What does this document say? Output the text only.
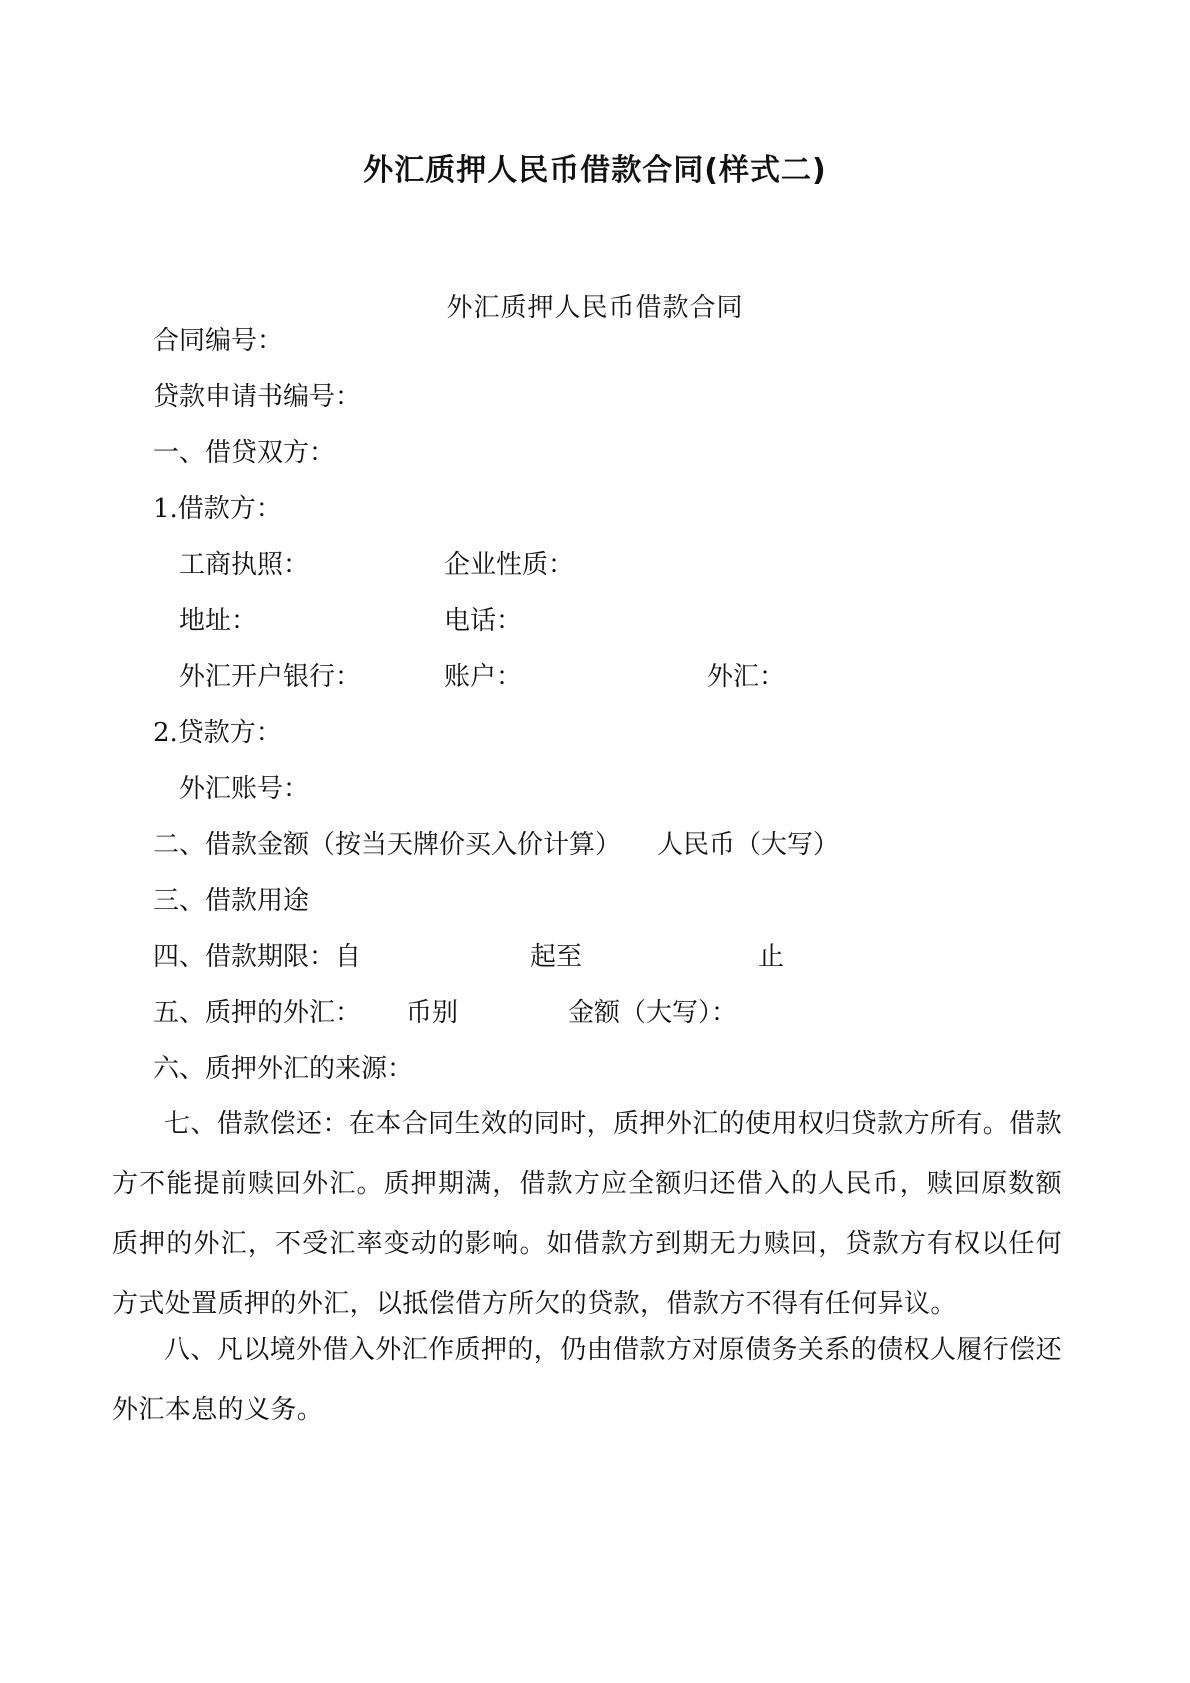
外汇质押人民币借款合同(样式二)
外汇质押人民币借款合同
合同编号：
贷款申请书编号：
一、借贷双方：
1.借款方：
工商执照：	企业性质：
地址：	电话：
外汇开户银行：	账户：	外汇：
2.贷款方：
外汇账号：
二、借款金额（按当天牌价买入价计算） 人民币（大写）
三、借款用途
四、借款期限：自	起至	止
五、质押的外汇： 币别	金额（大写）：
六、质押外汇的来源：
七、借款偿还：在本合同生效的同时，质押外汇的使用权归贷款方所有。借款方不能提前赎回外汇。质押期满，借款方应全额归还借入的人民币，赎回原数额质押的外汇，不受汇率变动的影响。如借款方到期无力赎回，贷款方有权以任何方式处置质押的外汇，以抵偿借方所欠的贷款，借款方不得有任何异议。
八、凡以境外借入外汇作质押的，仍由借款方对原债务关系的债权人履行偿还外汇本息的义务。
